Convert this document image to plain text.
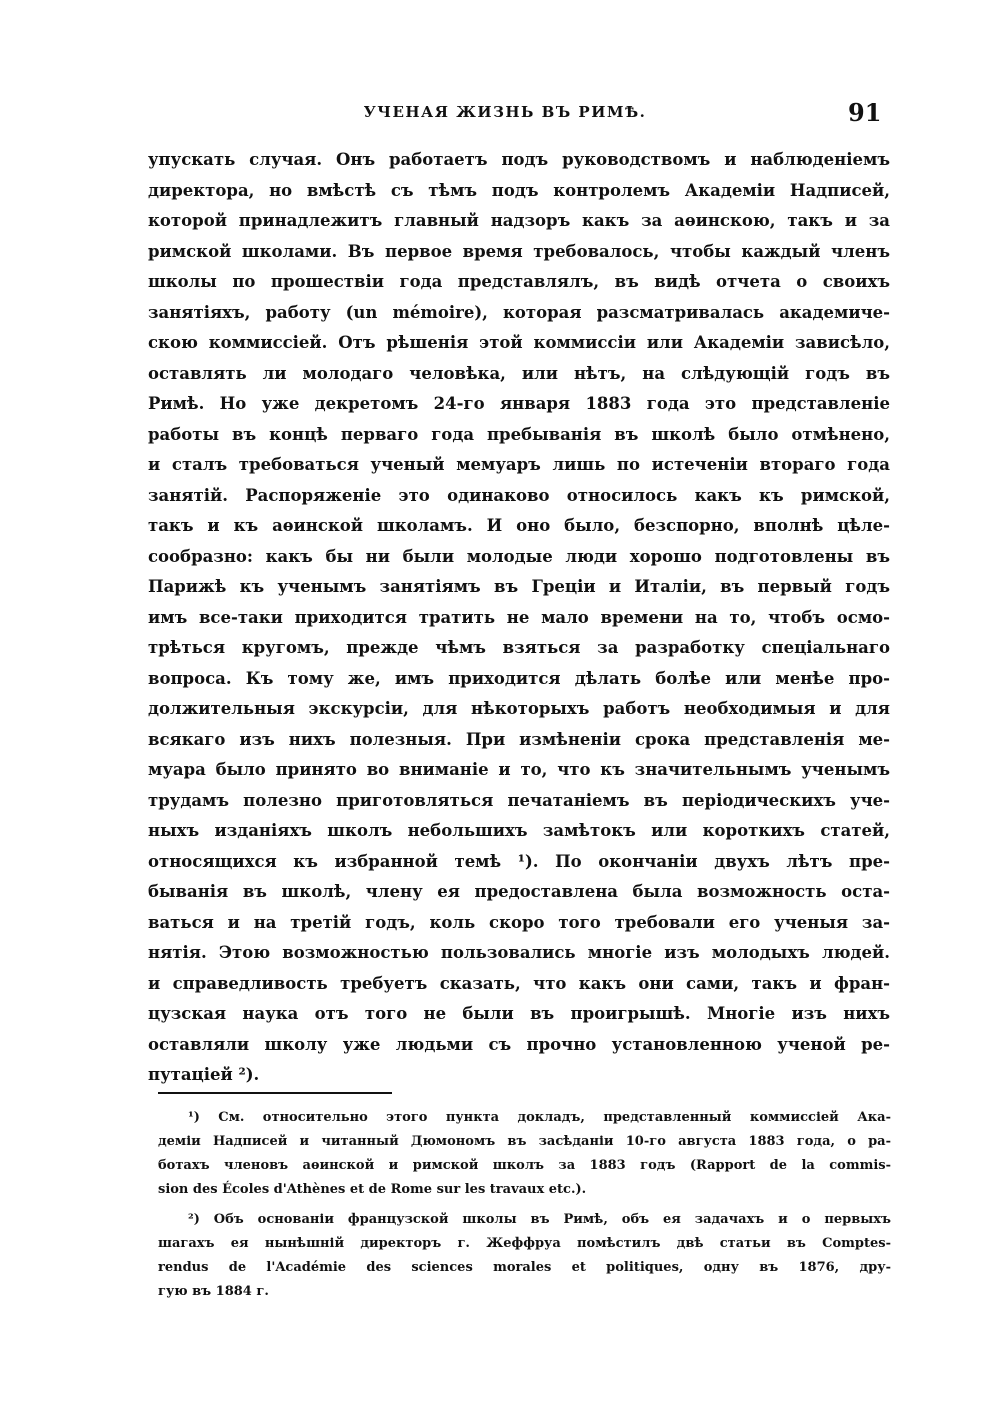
УЧЕНАЯ ЖИЗНЬ ВЪ РИМѢ.	91
упускать случая. Онъ работаетъ подъ руководствомъ и наблюденіемъ
директора, но вмѣстѣ съ тѣмъ подъ контролемъ Академіи Надписей,
которой принадлежитъ главный надзоръ какъ за аѳинскою, такъ и за
римской школами. Въ первое время требовалось, чтобы каждый членъ
школы по прошествіи года представлялъ, въ видѣ отчета о своихъ
занятіяхъ, работу (un mémoire), которая разсматривалась академиче-
скою коммиссіей. Отъ рѣшенія этой коммиссіи или Академіи зависѣло,
оставлять ли молодаго человѣка, или нѣтъ, на слѣдующій годъ въ
Римѣ. Но уже декретомъ 24-го января 1883 года это представленіе
работы въ концѣ перваго года пребыванія въ школѣ было отмѣнено,
и сталъ требоваться ученый мемуаръ лишь по истеченіи втораго года
занятій. Распоряженіе это одинаково относилось какъ къ римской,
такъ и къ аѳинской школамъ. И оно было, безспорно, вполнѣ цѣле-
сообразно: какъ бы ни были молодые люди хорошо подготовлены въ
Парижѣ къ ученымъ занятіямъ въ Греціи и Италіи, въ первый годъ
имъ все-таки приходится тратить не мало времени на то, чтобъ осмо-
трѣться кругомъ, прежде чѣмъ взяться за разработку спеціальнаго
вопроса. Къ тому же, имъ приходится дѣлать болѣе или менѣе про-
должительныя экскурсіи, для нѣкоторыхъ работъ необходимыя и для
всякаго изъ нихъ полезныя. При измѣненіи срока представленія ме-
муара было принято во вниманіе и то, что къ значительнымъ ученымъ
трудамъ полезно приготовляться печатаніемъ въ періодическихъ уче-
ныхъ изданіяхъ школъ небольшихъ замѣтокъ или короткихъ статей,
относящихся къ избранной темѣ ¹). По окончаніи двухъ лѣтъ пре-
быванія въ школѣ, члену ея предоставлена была возможность оста-
ваться и на третій годъ, коль скоро того требовали его ученыя за-
нятія. Этою возможностью пользовались многіе изъ молодыхъ людей.
и справедливость требуетъ сказать, что какъ они сами, такъ и фран-
цузская наука отъ того не были въ проигрышѣ. Многіе изъ нихъ
оставляли школу уже людьми съ прочно установленною ученой ре-
путаціей ²).
¹) См. относительно этого пункта докладъ, представленный коммиссіей Ака-
деміи Надписей и читанный Дюмономъ въ засѣданіи 10-го августа 1883 года, о ра-
ботахъ членовъ аѳинской и римской школъ за 1883 годъ (Rapport de la commis-
sion des Écoles d'Athènes et de Rome sur les travaux etc.).
²) Объ основаніи французской школы въ Римѣ, объ ея задачахъ и о первыхъ
шагахъ ея нынѣшній директоръ г. Жеффруа помѣстилъ двѣ статьи въ Comptes-
rendus de l'Académie des sciences morales et politiques, одну въ 1876, дру-
гую въ 1884 г.
